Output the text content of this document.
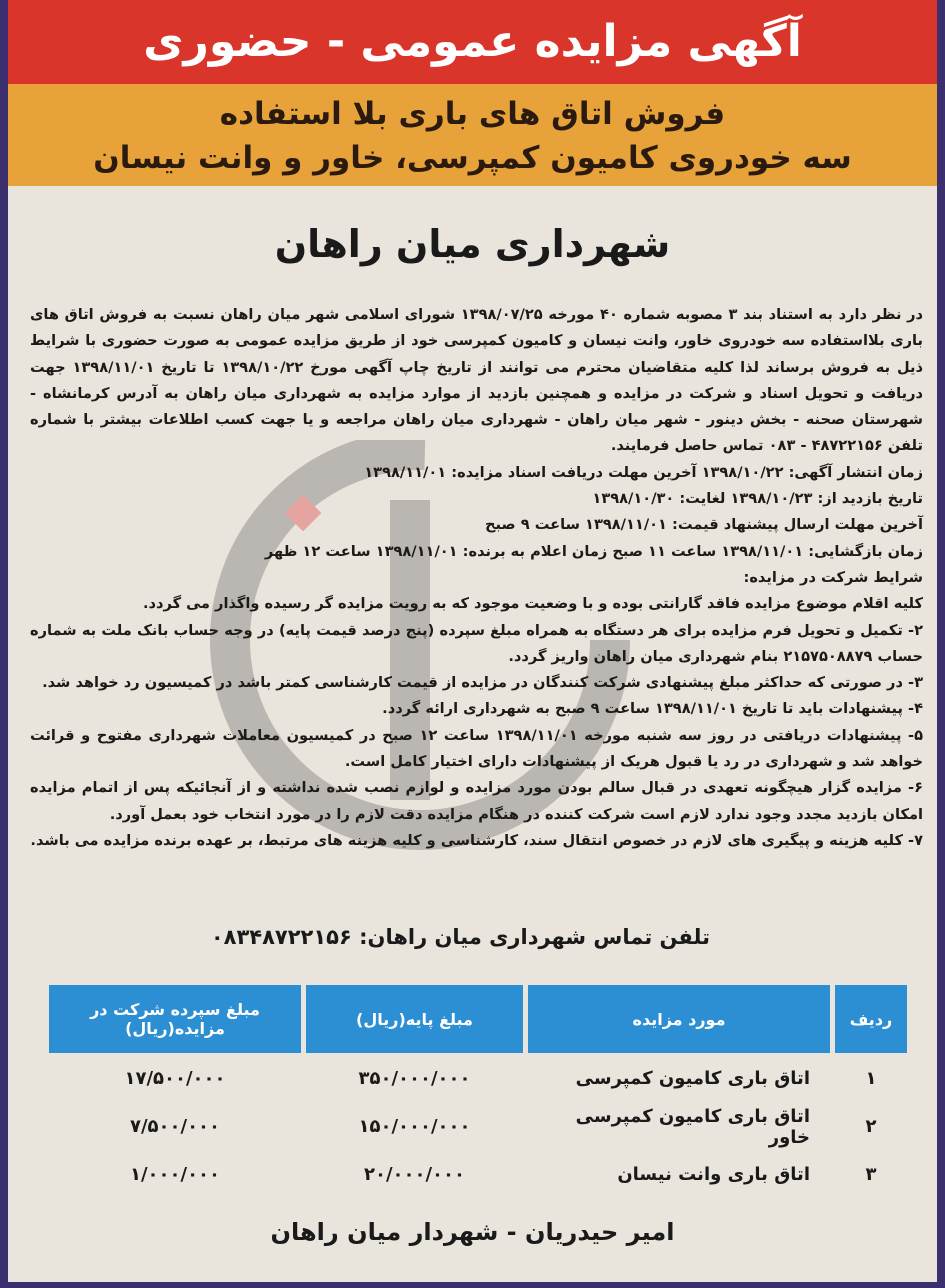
آگهی مزایده عمومی - حضوری
فروش اتاق های باری بلا استفاده
سه خودروی کامیون کمپرسی، خاور و وانت نیسان
شهرداری میان راهان

در نظر دارد به استناد بند ۳ مصوبه شماره ۴۰ مورخه ۱۳۹۸/۰۷/۲۵ شورای اسلامی شهر میان راهان نسبت به فروش اتاق های باری بلااستفاده سه خودروی خاور، وانت نیسان و کامیون کمپرسی خود از طریق مزایده عمومی به صورت حضوری با شرایط ذیل به فروش برساند لذا کلیه متقاضیان محترم می توانند از تاریخ چاپ آگهی مورخ ۱۳۹۸/۱۰/۲۲ تا تاریخ ۱۳۹۸/۱۱/۰۱ جهت دریافت و تحویل اسناد و شرکت در مزایده و همچنین بازدید از موارد مزایده به شهرداری میان راهان به آدرس کرمانشاه - شهرستان صحنه - بخش دینور - شهر میان راهان - شهرداری میان راهان مراجعه و یا جهت کسب اطلاعات بیشتر با شماره تلفن ۴۸۷۲۲۱۵۶ - ۰۸۳ تماس حاصل فرمایند.

زمان انتشار آگهی: ۱۳۹۸/۱۰/۲۲ آخرین مهلت دریافت اسناد مزایده: ۱۳۹۸/۱۱/۰۱

تاریخ بازدید از: ۱۳۹۸/۱۰/۲۳ لغایت: ۱۳۹۸/۱۰/۳۰

آخرین مهلت ارسال پیشنهاد قیمت: ۱۳۹۸/۱۱/۰۱ ساعت ۹ صبح

زمان بازگشایی: ۱۳۹۸/۱۱/۰۱ ساعت ۱۱ صبح زمان اعلام به برنده: ۱۳۹۸/۱۱/۰۱ ساعت ۱۲ ظهر

شرایط شرکت در مزایده:

کلیه اقلام موضوع مزایده فاقد گارانتی بوده و با وضعیت موجود که به رویت مزایده گر رسیده واگذار می گردد.

۲- تکمیل و تحویل فرم مزایده برای هر دستگاه به همراه مبلغ سپرده (پنج درصد قیمت پایه) در وجه حساب بانک ملت به شماره حساب ۲۱۵۷۵۰۸۸۷۹ بنام شهرداری میان راهان واریز گردد.

۳- در صورتی که حداکثر مبلغ پیشنهادی شرکت کنندگان در مزایده از قیمت کارشناسی کمتر باشد در کمیسیون رد خواهد شد.

۴- پیشنهادات باید تا تاریخ ۱۳۹۸/۱۱/۰۱ ساعت ۹ صبح به شهرداری ارائه گردد.

۵- پیشنهادات دریافتی در روز سه شنبه مورخه ۱۳۹۸/۱۱/۰۱ ساعت ۱۲ صبح در کمیسیون معاملات شهرداری مفتوح و قرائت خواهد شد و شهرداری در رد یا قبول هریک از پیشنهادات دارای اختیار کامل است.

۶- مزایده گزار هیچگونه تعهدی در قبال سالم بودن مورد مزایده و لوازم نصب شده نداشته و از آنجائیکه پس از اتمام مزایده امکان بازدید مجدد وجود ندارد لازم است شرکت کننده در هنگام مزایده دقت لازم را در مورد انتخاب خود بعمل آورد.

۷- کلیه هزینه و پیگیری های لازم در خصوص انتقال سند، کارشناسی و کلیه هزینه های مرتبط، بر عهده برنده مزایده می باشد.

تلفن تماس شهرداری میان راهان: ۰۸۳۴۸۷۲۲۱۵۶
ردیف	مورد مزایده	مبلغ پایه(ریال)	مبلغ سپرده شرکت در مزایده(ریال)
۱	اتاق باری کامیون کمپرسی	۳۵۰/۰۰۰/۰۰۰	۱۷/۵۰۰/۰۰۰
۲	اتاق باری کامیون کمپرسی خاور	۱۵۰/۰۰۰/۰۰۰	۷/۵۰۰/۰۰۰
۳	اتاق باری وانت نیسان	۲۰/۰۰۰/۰۰۰	۱/۰۰۰/۰۰۰
امیر حیدریان - شهردار میان راهان
